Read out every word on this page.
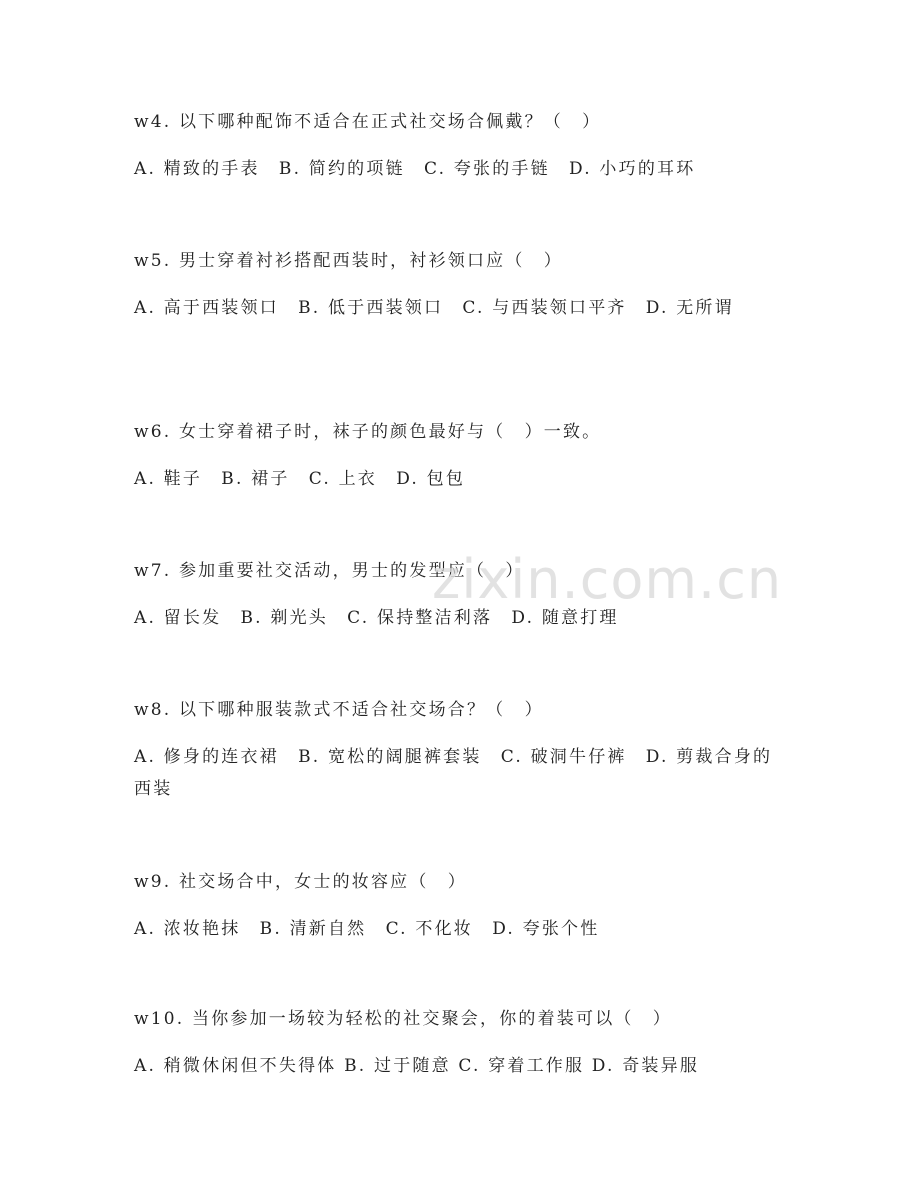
w4. 以下哪种配饰不适合在正式社交场合佩戴？（　）
A. 精致的手表　B. 简约的项链　C. 夸张的手链　D. 小巧的耳环
w5. 男士穿着衬衫搭配西装时，衬衫领口应（　）
A. 高于西装领口　B. 低于西装领口　C. 与西装领口平齐　D. 无所谓
w6. 女士穿着裙子时，袜子的颜色最好与（　）一致。
A. 鞋子　B. 裙子　C. 上衣　D. 包包
w7. 参加重要社交活动，男士的发型应（　）
A. 留长发　B. 剃光头　C. 保持整洁利落　D. 随意打理
w8. 以下哪种服装款式不适合社交场合？（　）
A. 修身的连衣裙　B. 宽松的阔腿裤套装　C. 破洞牛仔裤　D. 剪裁合身的西装
w9. 社交场合中，女士的妆容应（　）
A. 浓妆艳抹　B. 清新自然　C. 不化妆　D. 夸张个性
w10. 当你参加一场较为轻松的社交聚会，你的着装可以（　）
A. 稍微休闲但不失得体 B. 过于随意 C. 穿着工作服 D. 奇装异服
zixin.com.cn
